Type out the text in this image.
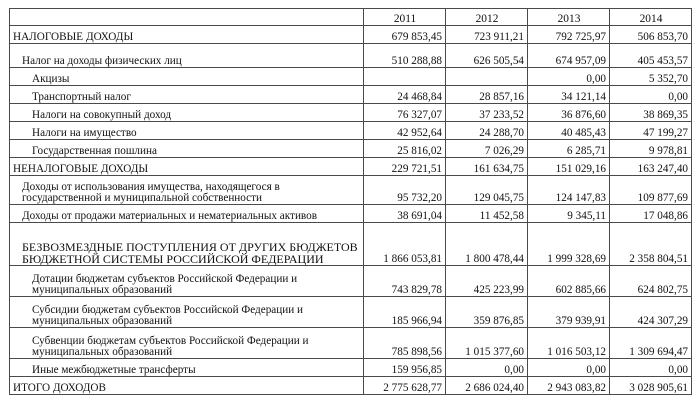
	2011	2012	2013	2014
НАЛОГОВЫЕ ДОХОДЫ	679 853,45	723 911,21	792 725,97	506 853,70
Налог на доходы физических лиц	510 288,88	626 505,54	674 957,09	405 453,57
Акцизы			0,00	5 352,70
Транспортный налог	24 468,84	28 857,16	34 121,14	0,00
Налоги на совокупный доход	76 327,07	37 233,52	36 876,60	38 869,35
Налоги на имущество	42 952,64	24 288,70	40 485,43	47 199,27
Государственная пошлина	25 816,02	7 026,29	6 285,71	9 978,81
НЕНАЛОГОВЫЕ ДОХОДЫ	229 721,51	161 634,75	151 029,16	163 247,40
Доходы от использования имущества, находящегося в государственной и муниципальной собственности	95 732,20	129 045,75	124 147,83	109 877,69
Доходы от продажи материальных и нематериальных активов	38 691,04	11 452,58	9 345,11	17 048,86
БЕЗВОЗМЕЗДНЫЕ ПОСТУПЛЕНИЯ ОТ ДРУГИХ БЮДЖЕТОВ БЮДЖЕТНОЙ СИСТЕМЫ РОССИЙСКОЙ ФЕДЕРАЦИИ	1 866 053,81	1 800 478,44	1 999 328,69	2 358 804,51
Дотации бюджетам субъектов Российской Федерации и муниципальных образований	743 829,78	425 223,99	602 885,66	624 802,75
Субсидии бюджетам субъектов Российской Федерации и муниципальных образований	185 966,94	359 876,85	379 939,91	424 307,29
Субвенции бюджетам субъектов Российской Федерации и муниципальных образований	785 898,56	1 015 377,60	1 016 503,12	1 309 694,47
Иные межбюджетные трансферты	159 956,85	0,00	0,00	0,00
ИТОГО ДОХОДОВ	2 775 628,77	2 686 024,40	2 943 083,82	3 028 905,61
